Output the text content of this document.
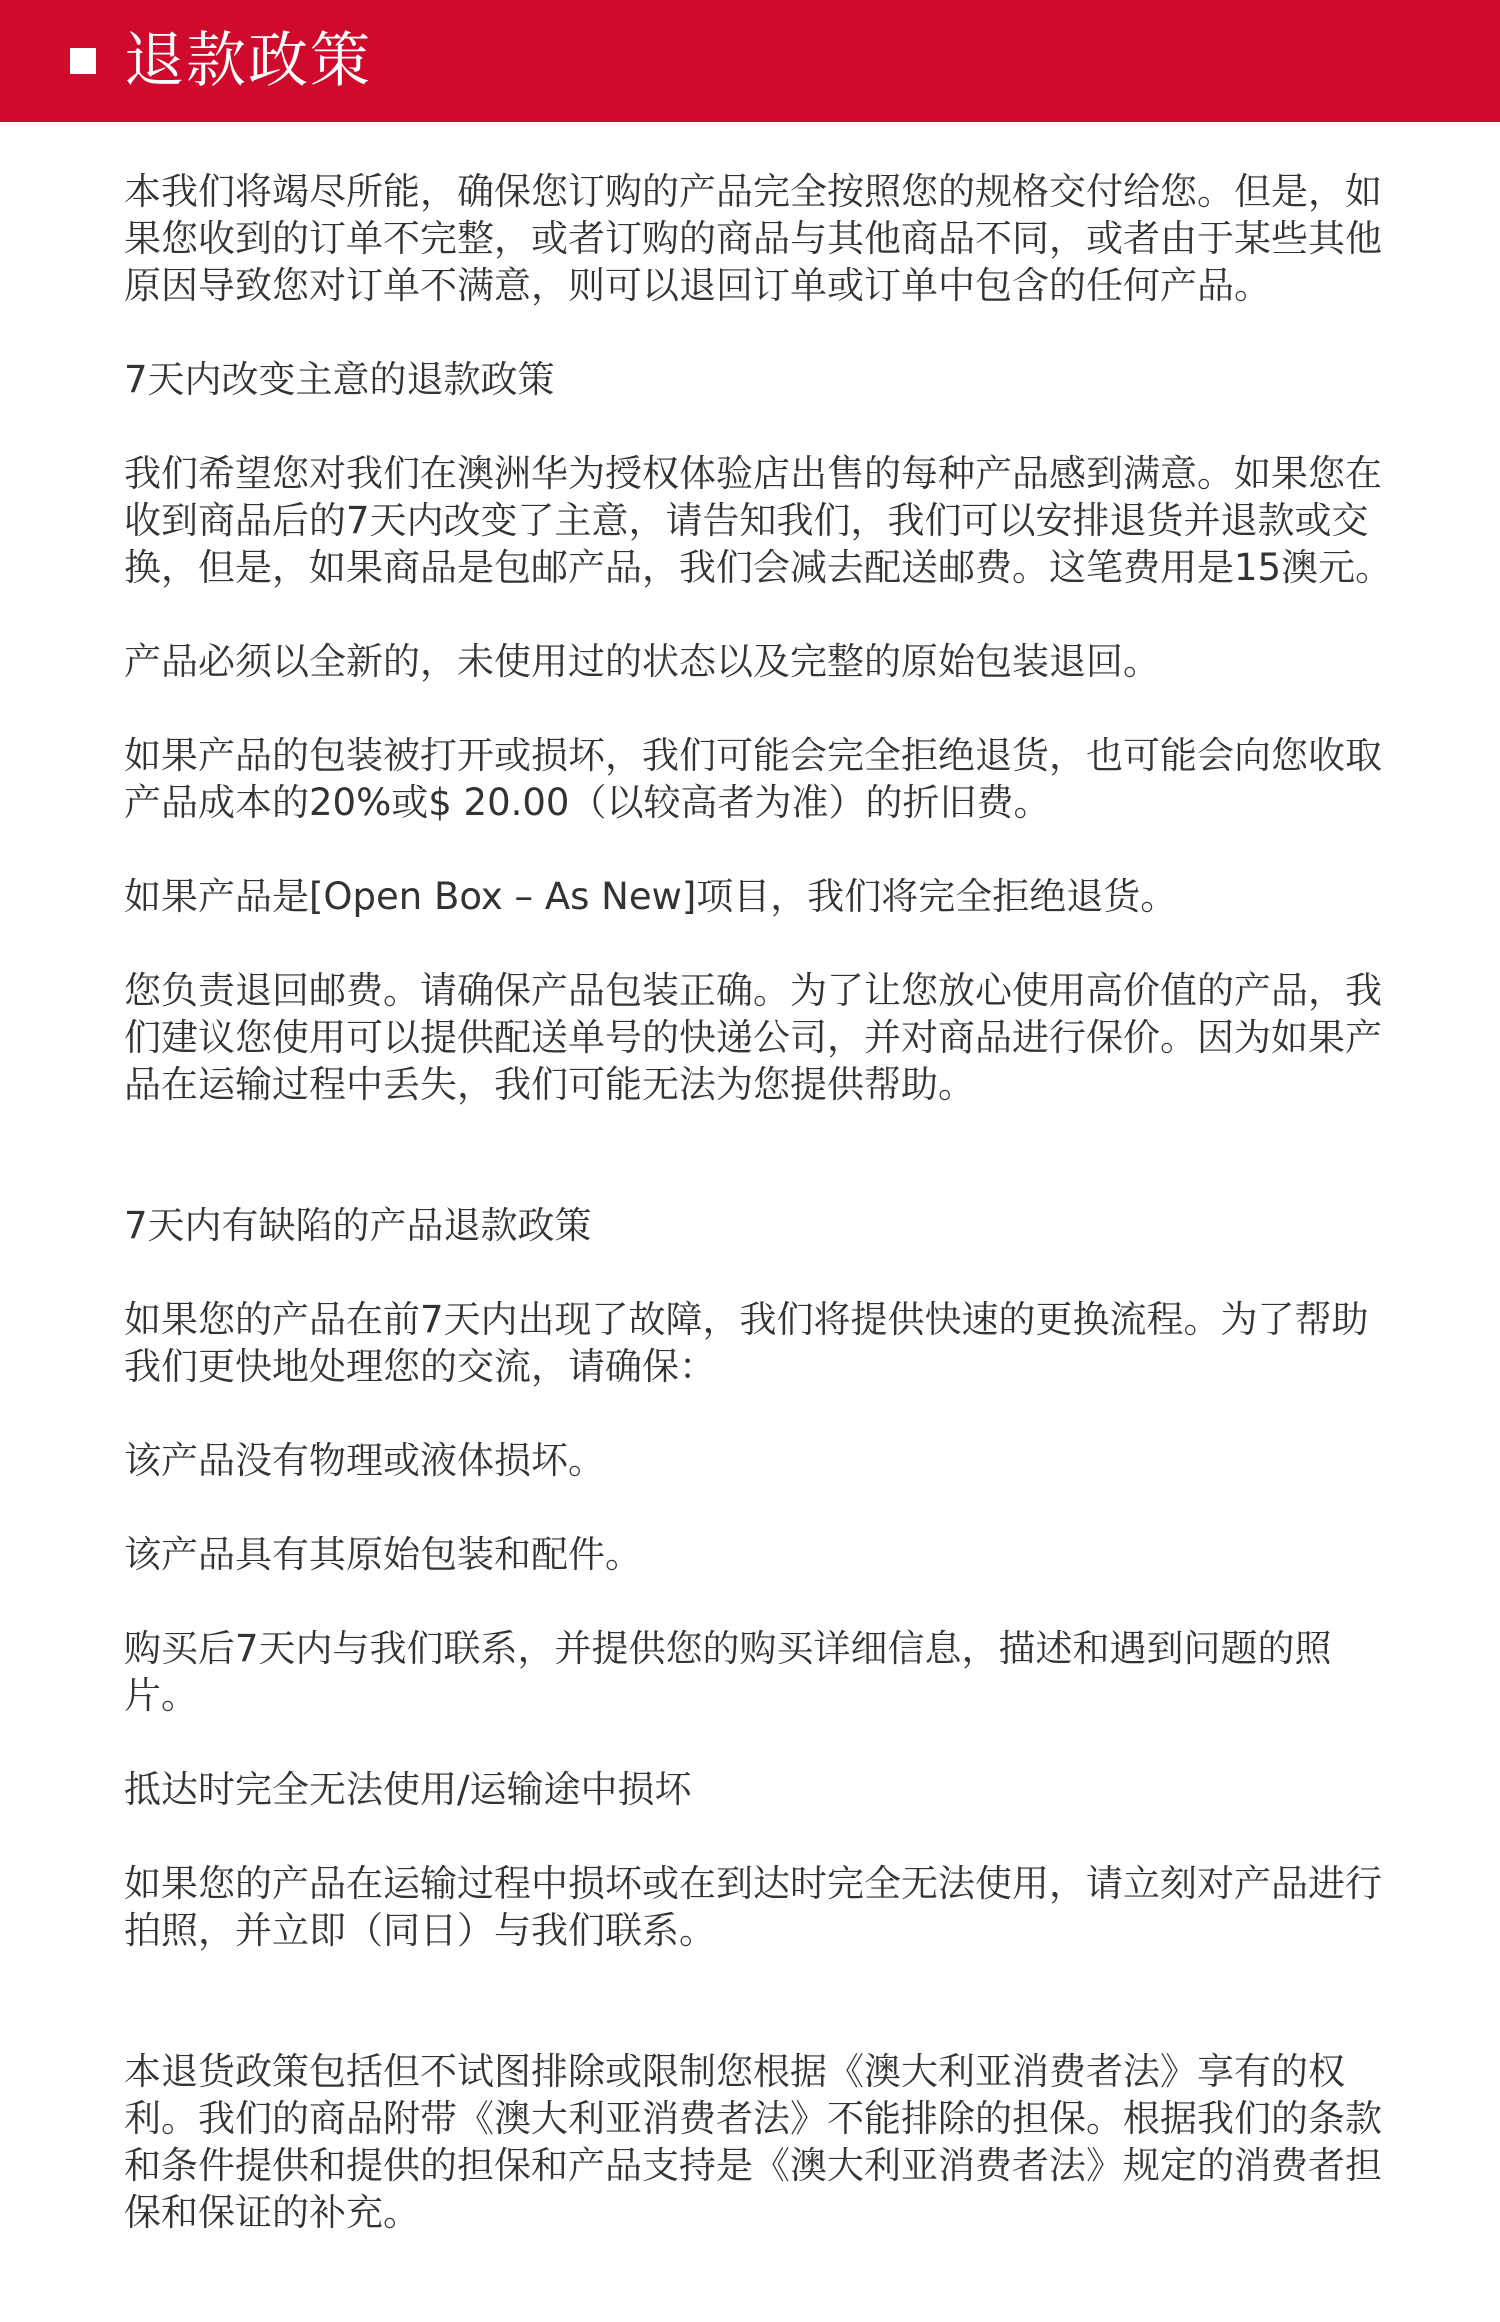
退款政策

本我们将竭尽所能，确保您订购的产品完全按照您的规格交付给您。但是，如果您收到的订单不完整，或者订购的商品与其他商品不同，或者由于某些其他原因导致您对订单不满意，则可以退回订单或订单中包含的任何产品。

7天内改变主意的退款政策

我们希望您对我们在澳洲华为授权体验店出售的每种产品感到满意。如果您在收到商品后的7天内改变了主意，请告知我们，我们可以安排退货并退款或交换，但是，如果商品是包邮产品，我们会减去配送邮费。这笔费用是15澳元。

产品必须以全新的，未使用过的状态以及完整的原始包装退回。

如果产品的包装被打开或损坏，我们可能会完全拒绝退货，也可能会向您收取产品成本的20%或$ 20.00（以较高者为准）的折旧费。

如果产品是[Open Box – As New]项目，我们将完全拒绝退货。

您负责退回邮费。请确保产品包装正确。为了让您放心使用高价值的产品，我们建议您使用可以提供配送单号的快递公司，并对商品进行保价。因为如果产品在运输过程中丢失，我们可能无法为您提供帮助。

7天内有缺陷的产品退款政策

如果您的产品在前7天内出现了故障，我们将提供快速的更换流程。为了帮助我们更快地处理您的交流，请确保：

该产品没有物理或液体损坏。

该产品具有其原始包装和配件。

购买后7天内与我们联系，并提供您的购买详细信息，描述和遇到问题的照片。

抵达时完全无法使用/运输途中损坏

如果您的产品在运输过程中损坏或在到达时完全无法使用，请立刻对产品进行拍照，并立即（同日）与我们联系。

本退货政策包括但不试图排除或限制您根据《澳大利亚消费者法》享有的权利。我们的商品附带《澳大利亚消费者法》不能排除的担保。根据我们的条款和条件提供和提供的担保和产品支持是《澳大利亚消费者法》规定的消费者担保和保证的补充。
